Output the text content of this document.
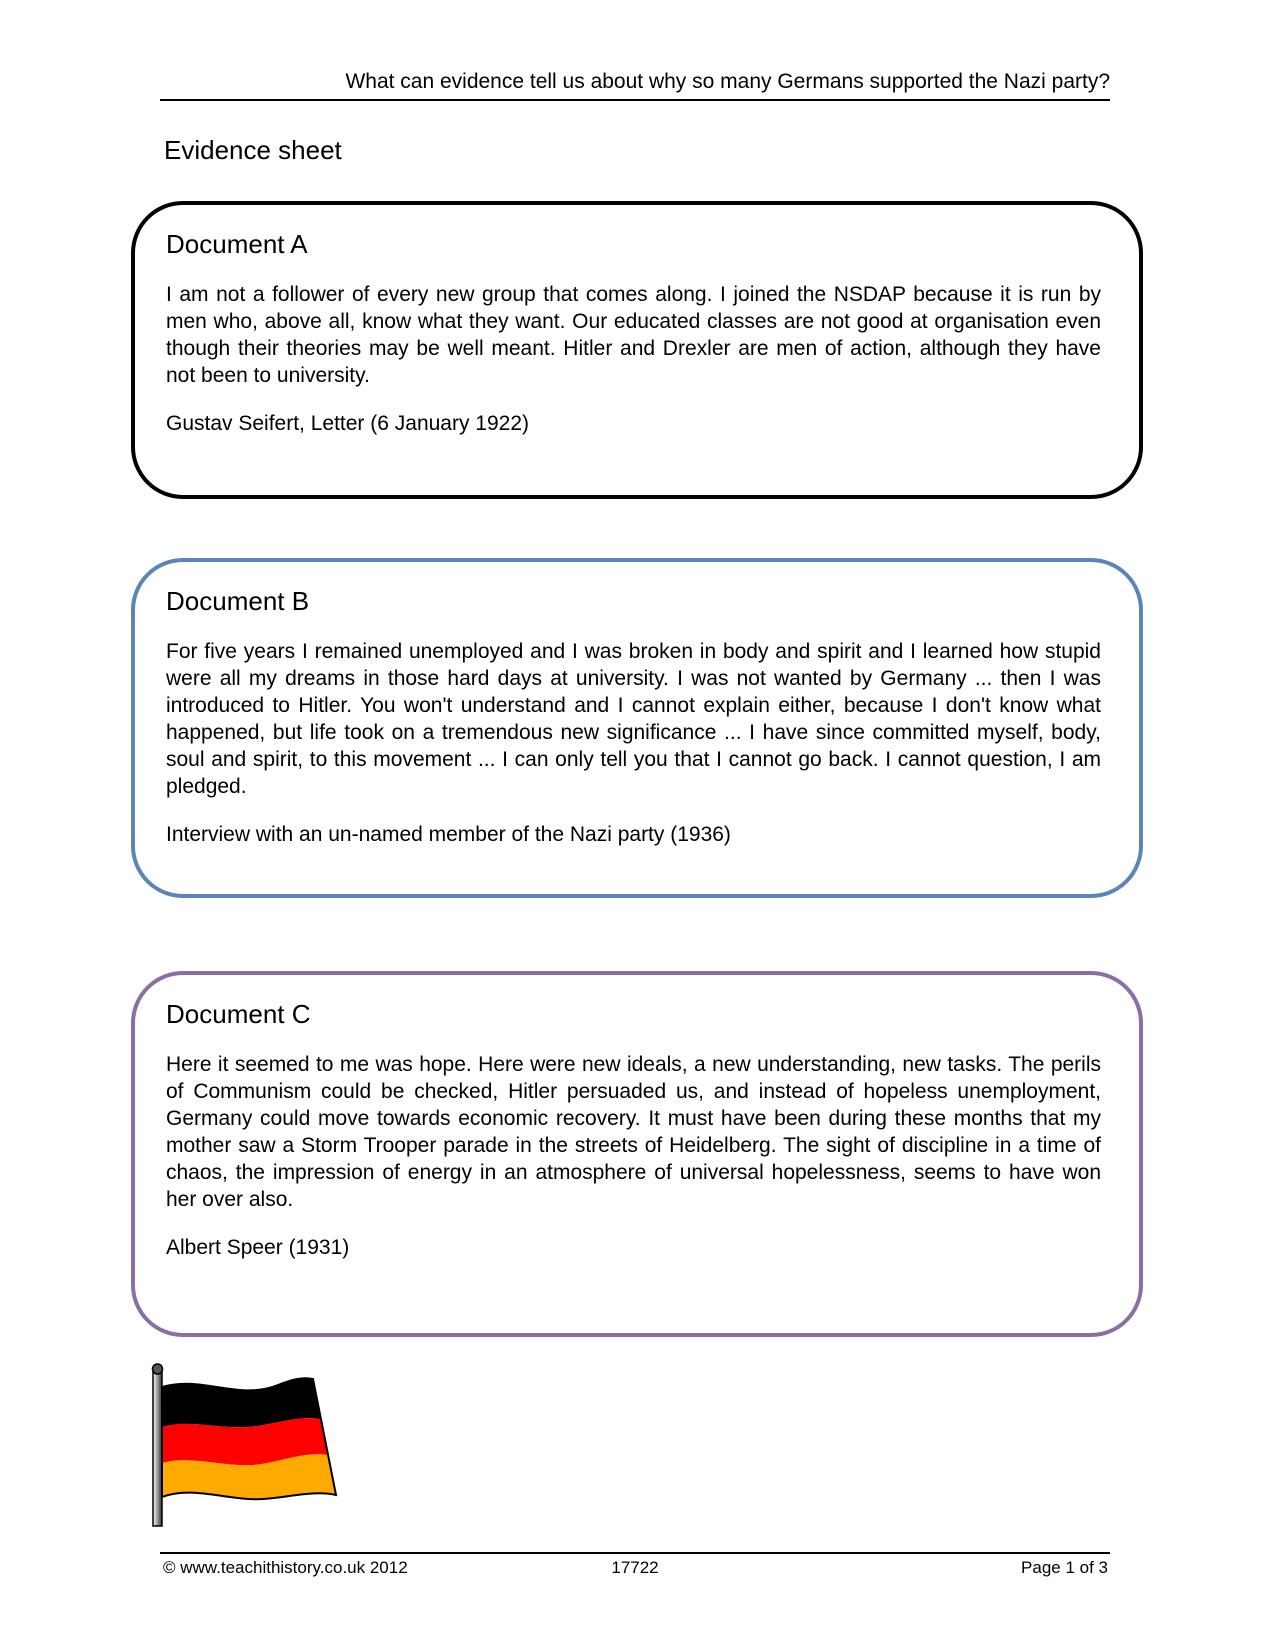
What can evidence tell us about why so many Germans supported the Nazi party?
Evidence sheet
Document A

I am not a follower of every new group that comes along. I joined the NSDAP because it is run by men who, above all, know what they want. Our educated classes are not good at organisation even though their theories may be well meant. Hitler and Drexler are men of action, although they have not been to university.

Gustav Seifert, Letter (6 January 1922)

Document B

For five years I remained unemployed and I was broken in body and spirit and I learned how stupid were all my dreams in those hard days at university. I was not wanted by Germany ... then I was introduced to Hitler. You won't understand and I cannot explain either, because I don't know what happened, but life took on a tremendous new significance ... I have since committed myself, body, soul and spirit, to this movement ... I can only tell you that I cannot go back. I cannot question, I am pledged.

Interview with an un-named member of the Nazi party (1936)

Document C

Here it seemed to me was hope. Here were new ideals, a new understanding, new tasks. The perils of Communism could be checked, Hitler persuaded us, and instead of hopeless unemployment, Germany could move towards economic recovery. It must have been during these months that my mother saw a Storm Trooper parade in the streets of Heidelberg. The sight of discipline in a time of chaos, the impression of energy in an atmosphere of universal hopelessness, seems to have won her over also.

Albert Speer (1931)

© www.teachithistory.co.uk 2012	17722	Page 1 of 3
